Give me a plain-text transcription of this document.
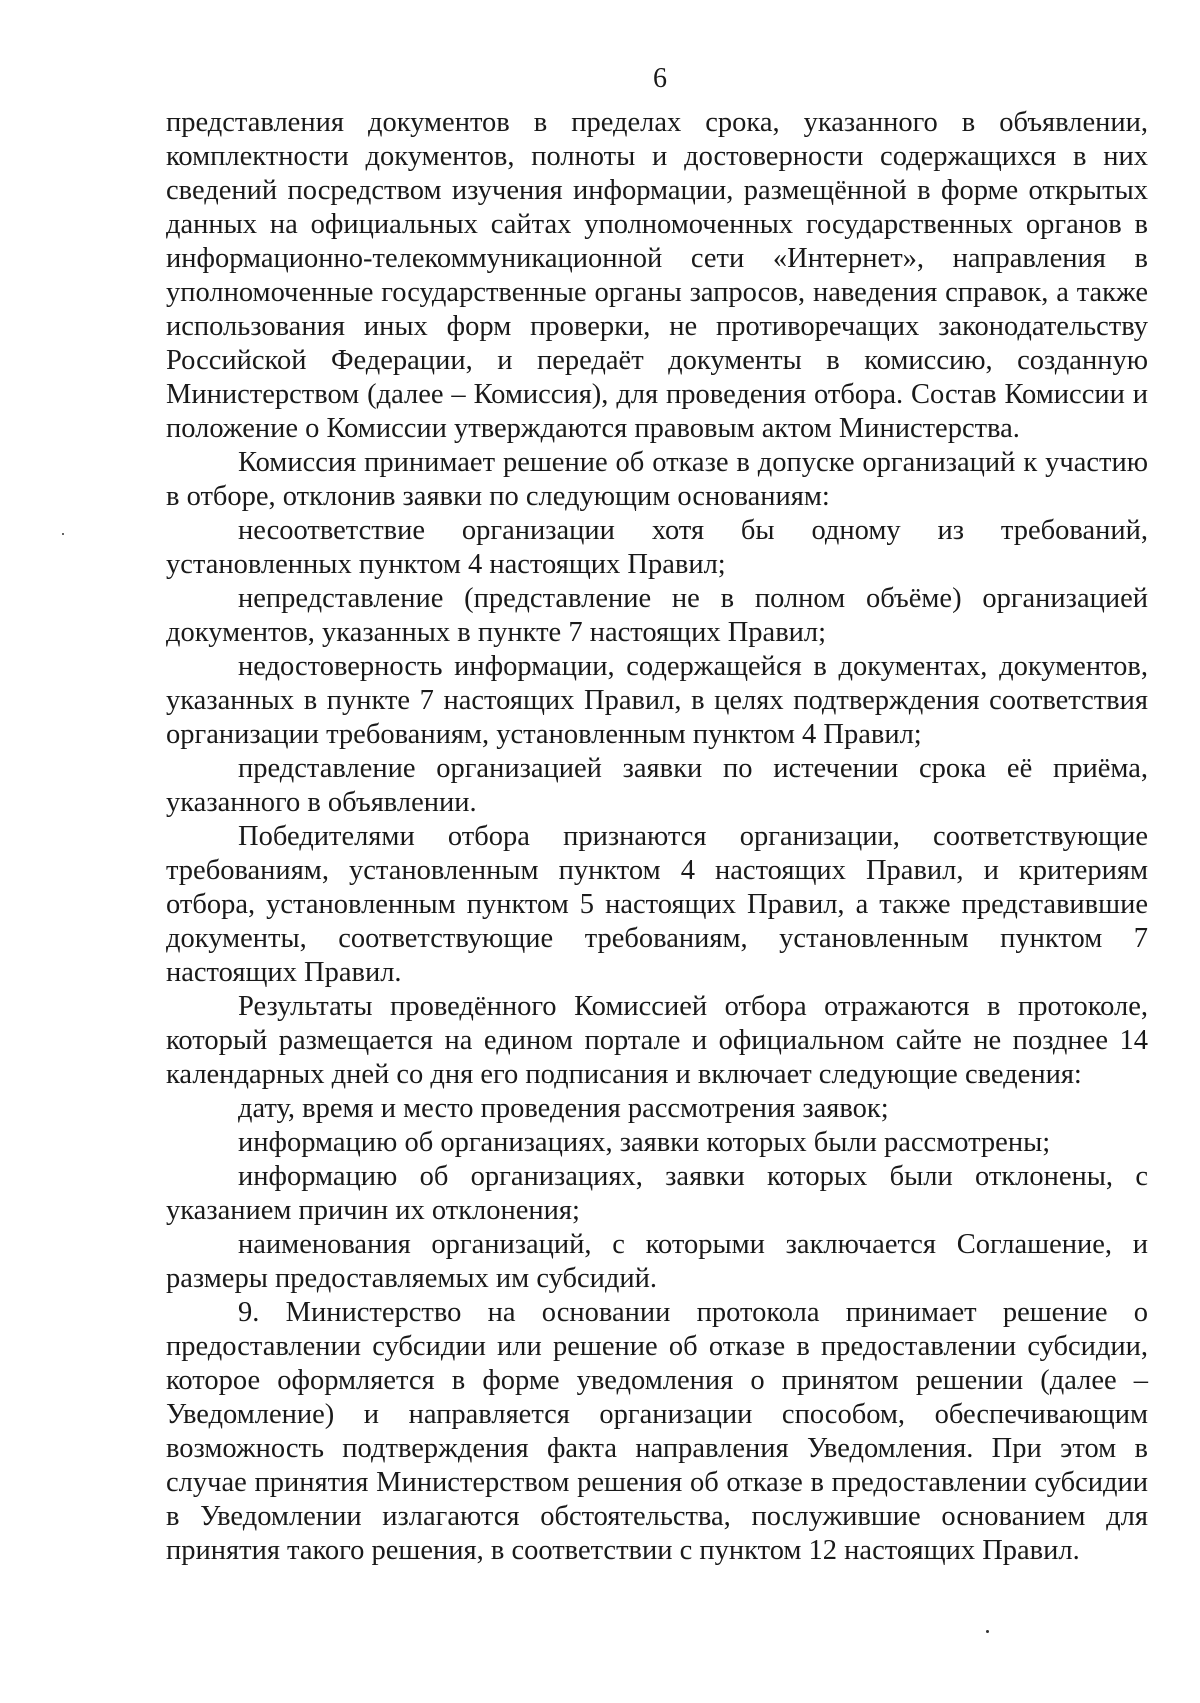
6

представления документов в пределах срока, указанного в объявлении, комплектности документов, полноты и достоверности содержащихся в них сведений посредством изучения информации, размещённой в форме открытых данных на официальных сайтах уполномоченных государственных органов в информационно-телекоммуникационной сети «Интернет», направления в уполномоченные государственные органы запросов, наведения справок, а также использования иных форм проверки, не противоречащих законодательству Российской Федерации, и передаёт документы в комиссию, созданную Министерством (далее – Комиссия), для проведения отбора. Состав Комиссии и положение о Комиссии утверждаются правовым актом Министерства.

Комиссия принимает решение об отказе в допуске организаций к участию в отборе, отклонив заявки по следующим основаниям:

несоответствие организации хотя бы одному из требований, установленных пунктом 4 настоящих Правил;

непредставление (представление не в полном объёме) организацией документов, указанных в пункте 7 настоящих Правил;

недостоверность информации, содержащейся в документах, документов, указанных в пункте 7 настоящих Правил, в целях подтверждения соответствия организации требованиям, установленным пунктом 4 Правил;

представление организацией заявки по истечении срока её приёма, указанного в объявлении.

Победителями отбора признаются организации, соответствующие требованиям, установленным пунктом 4 настоящих Правил, и критериям отбора, установленным пунктом 5 настоящих Правил, а также представившие документы, соответствующие требованиям, установленным пунктом 7 настоящих Правил.

Результаты проведённого Комиссией отбора отражаются в протоколе, который размещается на едином портале и официальном сайте не позднее 14 календарных дней со дня его подписания и включает следующие сведения:

дату, время и место проведения рассмотрения заявок;

информацию об организациях, заявки которых были рассмотрены;

информацию об организациях, заявки которых были отклонены, с указанием причин их отклонения;

наименования организаций, с которыми заключается Соглашение, и размеры предоставляемых им субсидий.

9. Министерство на основании протокола принимает решение о предоставлении субсидии или решение об отказе в предоставлении субсидии, которое оформляется в форме уведомления о принятом решении (далее – Уведомление) и направляется организации способом, обеспечивающим возможность подтверждения факта направления Уведомления. При этом в случае принятия Министерством решения об отказе в предоставлении субсидии в Уведомлении излагаются обстоятельства, послужившие основанием для принятия такого решения, в соответствии с пунктом 12 настоящих Правил.
